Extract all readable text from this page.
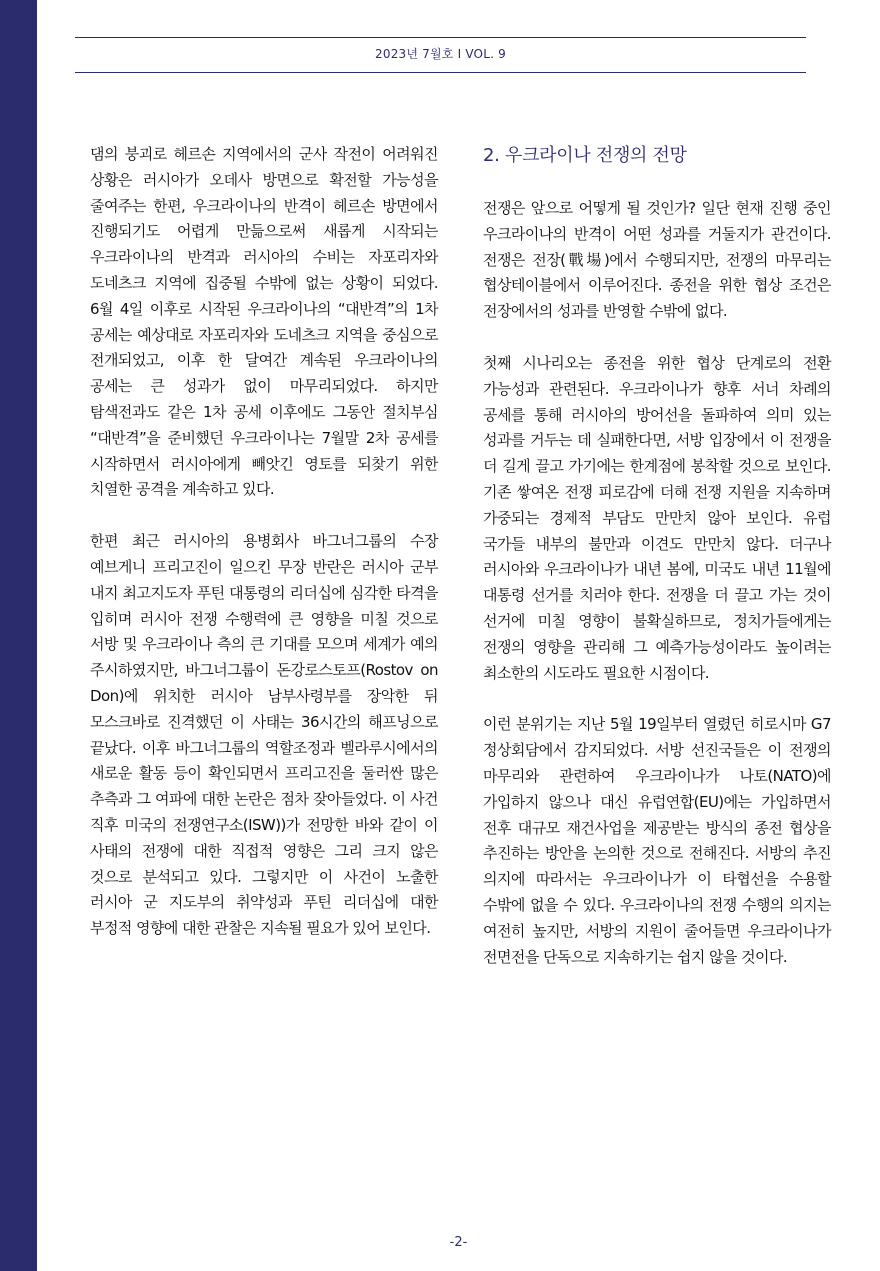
2023년 7월호 I VOL. 9

댐의 붕괴로 헤르손 지역에서의 군사 작전이 어려워진 상황은 러시아가 오데사 방면으로 확전할 가능성을 줄여주는 한편, 우크라이나의 반격이 헤르손 방면에서 진행되기도 어렵게 만듦으로써 새롭게 시작되는 우크라이나의 반격과 러시아의 수비는 자포리자와 도네츠크 지역에 집중될 수밖에 없는 상황이 되었다. 6월 4일 이후로 시작된 우크라이나의 “대반격”의 1차 공세는 예상대로 자포리자와 도네츠크 지역을 중심으로 전개되었고, 이후 한 달여간 계속된 우크라이나의 공세는 큰 성과가 없이 마무리되었다. 하지만 탐색전과도 같은 1차 공세 이후에도 그동안 절치부심 “대반격”을 준비했던 우크라이나는 7월말 2차 공세를 시작하면서 러시아에게 빼앗긴 영토를 되찾기 위한 치열한 공격을 계속하고 있다.

한편 최근 러시아의 용병회사 바그너그룹의 수장 예브게니 프리고진이 일으킨 무장 반란은 러시아 군부 내지 최고지도자 푸틴 대통령의 리더십에 심각한 타격을 입히며 러시아 전쟁 수행력에 큰 영향을 미칠 것으로 서방 및 우크라이나 측의 큰 기대를 모으며 세계가 예의 주시하였지만, 바그너그룹이 돈강로스토프(Rostov on Don)에 위치한 러시아 남부사령부를 장악한 뒤 모스크바로 진격했던 이 사태는 36시간의 해프닝으로 끝났다. 이후 바그너그룹의 역할조정과 벨라루시에서의 새로운 활동 등이 확인되면서 프리고진을 둘러싼 많은 추측과 그 여파에 대한 논란은 점차 잦아들었다. 이 사건 직후 미국의 전쟁연구소(ISW))가 전망한 바와 같이 이 사태의 전쟁에 대한 직접적 영향은 그리 크지 않은 것으로 분석되고 있다. 그렇지만 이 사건이 노출한 러시아 군 지도부의 취약성과 푸틴 리더십에 대한 부정적 영향에 대한 관찰은 지속될 필요가 있어 보인다.

2. 우크라이나 전쟁의 전망

전쟁은 앞으로 어떻게 될 것인가? 일단 현재 진행 중인 우크라이나의 반격이 어떤 성과를 거둘지가 관건이다. 전쟁은 전장(戰場)에서 수행되지만, 전쟁의 마무리는 협상테이블에서 이루어진다. 종전을 위한 협상 조건은 전장에서의 성과를 반영할 수밖에 없다.

첫째 시나리오는 종전을 위한 협상 단계로의 전환 가능성과 관련된다. 우크라이나가 향후 서너 차례의 공세를 통해 러시아의 방어선을 돌파하여 의미 있는 성과를 거두는 데 실패한다면, 서방 입장에서 이 전쟁을 더 길게 끌고 가기에는 한계점에 봉착할 것으로 보인다. 기존 쌓여온 전쟁 피로감에 더해 전쟁 지원을 지속하며 가중되는 경제적 부담도 만만치 않아 보인다. 유럽 국가들 내부의 불만과 이견도 만만치 않다. 더구나 러시아와 우크라이나가 내년 봄에, 미국도 내년 11월에 대통령 선거를 치러야 한다. 전쟁을 더 끌고 가는 것이 선거에 미칠 영향이 불확실하므로, 정치가들에게는 전쟁의 영향을 관리해 그 예측가능성이라도 높이려는 최소한의 시도라도 필요한 시점이다.

이런 분위기는 지난 5월 19일부터 열렸던 히로시마 G7 정상회담에서 감지되었다. 서방 선진국들은 이 전쟁의 마무리와 관련하여 우크라이나가 나토(NATO)에 가입하지 않으나 대신 유럽연합(EU)에는 가입하면서 전후 대규모 재건사업을 제공받는 방식의 종전 협상을 추진하는 방안을 논의한 것으로 전해진다. 서방의 추진 의지에 따라서는 우크라이나가 이 타협선을 수용할 수밖에 없을 수 있다. 우크라이나의 전쟁 수행의 의지는 여전히 높지만, 서방의 지원이 줄어들면 우크라이나가 전면전을 단독으로 지속하기는 쉽지 않을 것이다.

-2-
